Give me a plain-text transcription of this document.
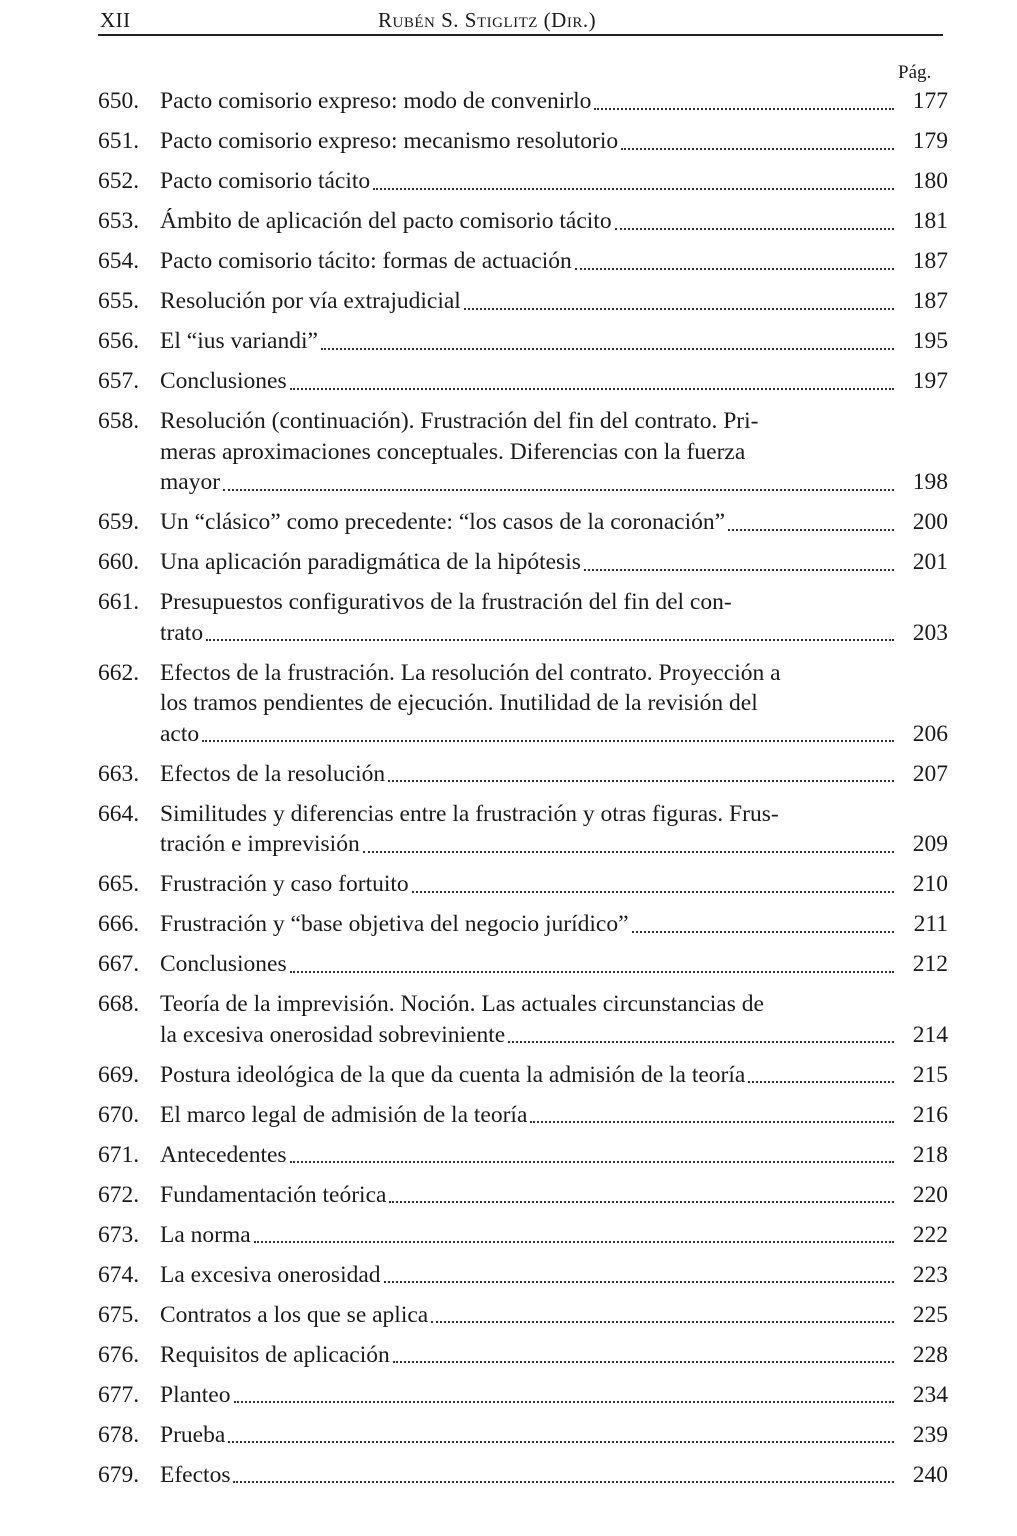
XII	Rubén S. Stiglitz (Dir.)
Pág.
650. Pacto comisorio expreso: modo de convenirlo	177
651. Pacto comisorio expreso: mecanismo resolutorio	179
652. Pacto comisorio tácito	180
653. Ámbito de aplicación del pacto comisorio tácito	181
654. Pacto comisorio tácito: formas de actuación	187
655. Resolución por vía extrajudicial	187
656. El “ius variandi”	195
657. Conclusiones	197
658. Resolución (continuación). Frustración del fin del contrato. Pri-
meras aproximaciones conceptuales. Diferencias con la fuerza
mayor	198
659. Un “clásico” como precedente: “los casos de la coronación”	200
660. Una aplicación paradigmática de la hipótesis	201
661. Presupuestos configurativos de la frustración del fin del con-
trato	203
662. Efectos de la frustración. La resolución del contrato. Proyección a
los tramos pendientes de ejecución. Inutilidad de la revisión del
acto	206
663. Efectos de la resolución	207
664. Similitudes y diferencias entre la frustración y otras figuras. Frus-
tración e imprevisión	209
665. Frustración y caso fortuito	210
666. Frustración y “base objetiva del negocio jurídico”	211
667. Conclusiones	212
668. Teoría de la imprevisión. Noción. Las actuales circunstancias de
la excesiva onerosidad sobreviniente	214
669. Postura ideológica de la que da cuenta la admisión de la teoría	215
670. El marco legal de admisión de la teoría	216
671. Antecedentes	218
672. Fundamentación teórica	220
673. La norma	222
674. La excesiva onerosidad	223
675. Contratos a los que se aplica	225
676. Requisitos de aplicación	228
677. Planteo	234
678. Prueba	239
679. Efectos	240
